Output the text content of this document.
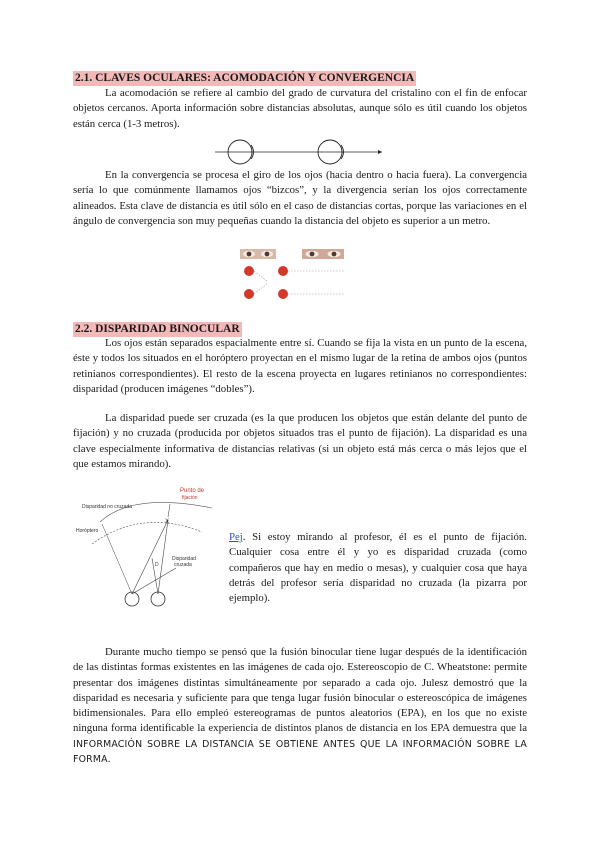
2.1. CLAVES OCULARES: ACOMODACIÓN Y CONVERGENCIA

La acomodación se refiere al cambio del grado de curvatura del cristalino con el fin de enfocar objetos cercanos. Aporta información sobre distancias absolutas, aunque sólo es útil cuando los objetos están cerca (1-3 metros).

En la convergencia se procesa el giro de los ojos (hacia dentro o hacia fuera). La convergencia sería lo que comúnmente llamamos ojos “bizcos”, y la divergencia serían los ojos correctamente alineados. Esta clave de distancia es útil sólo en el caso de distancias cortas, porque las variaciones en el ángulo de convergencia son muy pequeñas cuando la distancia del objeto es superior a un metro.

2.2. DISPARIDAD BINOCULAR

Los ojos están separados espacialmente entre sí. Cuando se fija la vista en un punto de la escena, éste y todos los situados en el horóptero proyectan en el mismo lugar de la retina de ambos ojos (puntos retinianos correspondientes). El resto de la escena proyecta en lugares retinianos no correspondientes: disparidad (producen imágenes “dobles”).

La disparidad puede ser cruzada (es la que producen los objetos que están delante del punto de fijación) y no cruzada (producida por objetos situados tras el punto de fijación). La disparidad es una clave especialmente informativa de distancias relativas (si un objeto está más cerca o más lejos que el que estamos mirando).

X
D
Punto de
fijación
Disparidad no cruzada
Horóptero
Disparidad
cruzada

Pej. Si estoy mirando al profesor, él es el punto de fijación. Cualquier cosa entre él y yo es disparidad cruzada (como compañeros que hay en medio o mesas), y cualquier cosa que haya detrás del profesor sería disparidad no cruzada (la pizarra por ejemplo).

Durante mucho tiempo se pensó que la fusión binocular tiene lugar después de la identificación de las distintas formas existentes en las imágenes de cada ojo. Estereoscopio de C. Wheatstone: permite presentar dos imágenes distintas simultáneamente por separado a cada ojo. Julesz demostró que la disparidad es necesaria y suficiente para que tenga lugar fusión binocular o estereoscópica de imágenes bidimensionales. Para ello empleó estereogramas de puntos aleatorios (EPA), en los que no existe ninguna forma identificable la experiencia de distintos planos de distancia en los EPA demuestra que la INFORMACIÓN SOBRE LA DISTANCIA SE OBTIENE ANTES QUE LA INFORMACIÓN SOBRE LA FORMA.
